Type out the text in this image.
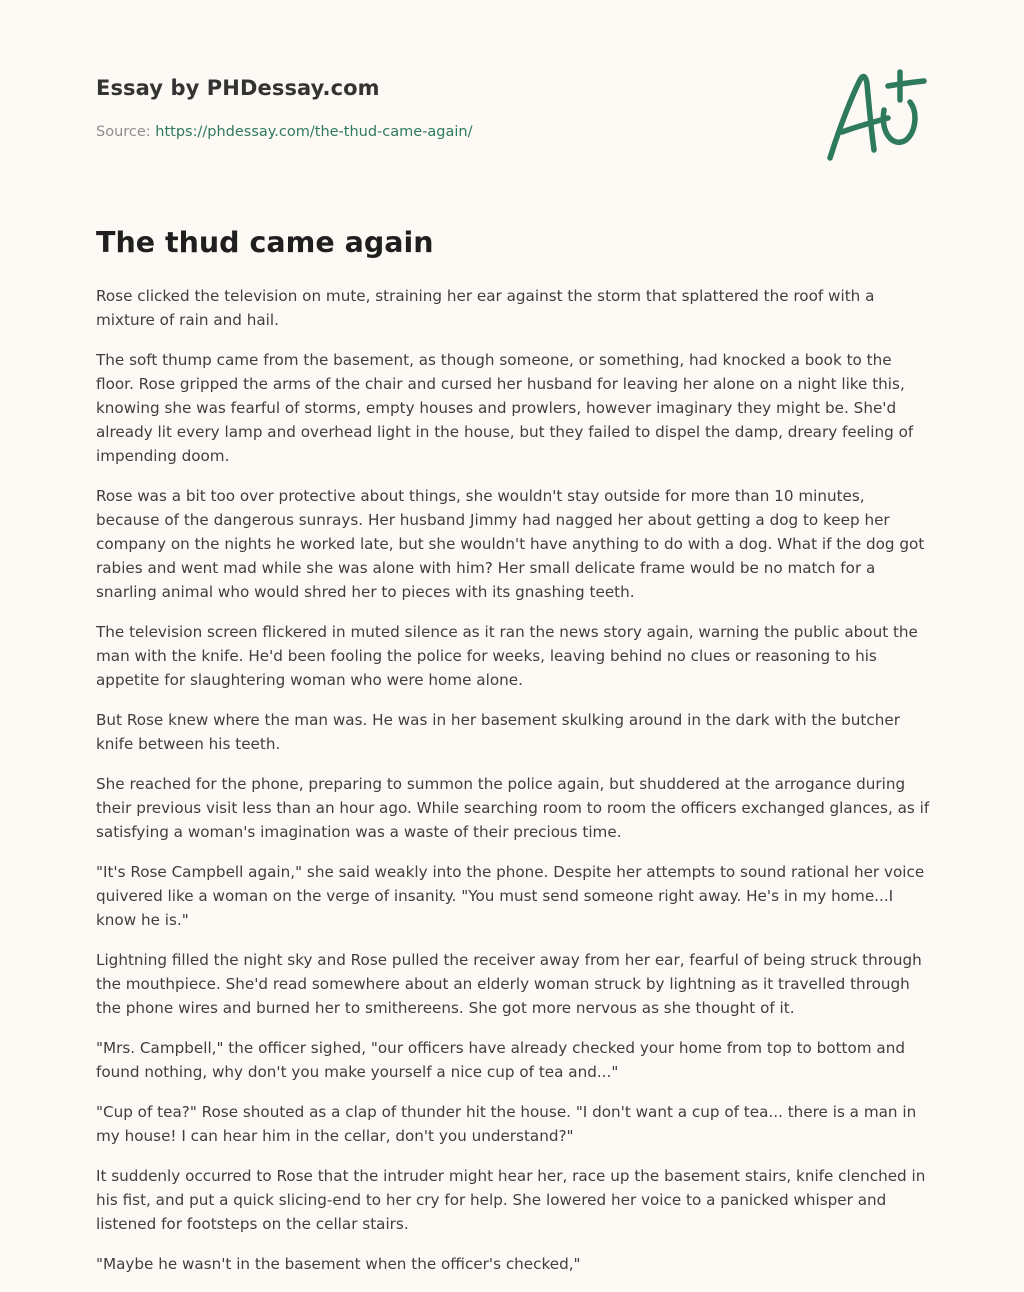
Essay by PHDessay.com

Source: https://phdessay.com/the-thud-came-again/

The thud came again

Rose clicked the television on mute, straining her ear against the storm that splattered the roof with a mixture of rain and hail.

The soft thump came from the basement, as though someone, or something, had knocked a book to the floor. Rose gripped the arms of the chair and cursed her husband for leaving her alone on a night like this, knowing she was fearful of storms, empty houses and prowlers, however imaginary they might be. She'd already lit every lamp and overhead light in the house, but they failed to dispel the damp, dreary feeling of impending doom.

Rose was a bit too over protective about things, she wouldn't stay outside for more than 10 minutes, because of the dangerous sunrays. Her husband Jimmy had nagged her about getting a dog to keep her company on the nights he worked late, but she wouldn't have anything to do with a dog. What if the dog got rabies and went mad while she was alone with him? Her small delicate frame would be no match for a snarling animal who would shred her to pieces with its gnashing teeth.

The television screen flickered in muted silence as it ran the news story again, warning the public about the man with the knife. He'd been fooling the police for weeks, leaving behind no clues or reasoning to his appetite for slaughtering woman who were home alone.

But Rose knew where the man was. He was in her basement skulking around in the dark with the butcher knife between his teeth.

She reached for the phone, preparing to summon the police again, but shuddered at the arrogance during their previous visit less than an hour ago. While searching room to room the officers exchanged glances, as if satisfying a woman's imagination was a waste of their precious time.

"It's Rose Campbell again," she said weakly into the phone. Despite her attempts to sound rational her voice quivered like a woman on the verge of insanity. "You must send someone right away. He's in my home...I know he is."

Lightning filled the night sky and Rose pulled the receiver away from her ear, fearful of being struck through the mouthpiece. She'd read somewhere about an elderly woman struck by lightning as it travelled through the phone wires and burned her to smithereens. She got more nervous as she thought of it.

"Mrs. Campbell," the officer sighed, "our officers have already checked your home from top to bottom and found nothing, why don't you make yourself a nice cup of tea and..."

"Cup of tea?" Rose shouted as a clap of thunder hit the house. "I don't want a cup of tea... there is a man in my house! I can hear him in the cellar, don't you understand?"

It suddenly occurred to Rose that the intruder might hear her, race up the basement stairs, knife clenched in his fist, and put a quick slicing-end to her cry for help. She lowered her voice to a panicked whisper and listened for footsteps on the cellar stairs.

"Maybe he wasn't in the basement when the officer's checked,"
